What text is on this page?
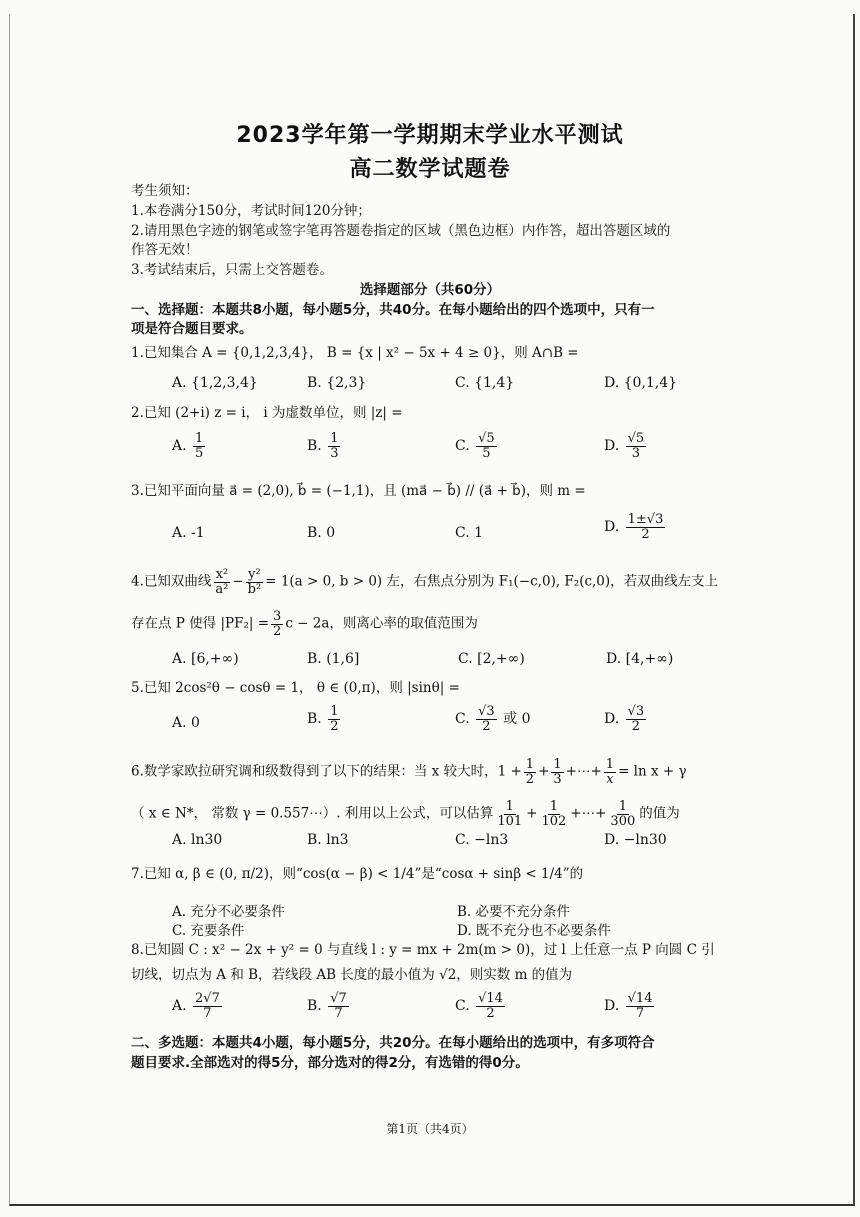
2023学年第一学期期末学业水平测试
高二数学试题卷
考生须知：
1.本卷满分150分，考试时间120分钟；
2.请用黑色字迹的钢笔或签字笔再答题卷指定的区域（黑色边框）内作答，超出答题区域的
作答无效！
3.考试结束后，只需上交答题卷。
选择题部分（共60分）
一、选择题：本题共8小题，每小题5分，共40分。在每小题给出的四个选项中，只有一
项是符合题目要求。
1.已知集合 A = {0,1,2,3,4}， B = {x | x² − 5x + 4 ≥ 0}，则 A∩B =
A. {1,2,3,4}	B. {2,3}	C. {1,4}	D. {0,1,4}
2.已知 (2+i) z = i， i 为虚数单位，则 |z| =
A. $\frac{1}{5}$	B. $\frac{1}{3}$	C. $\frac{√5}{5}$	D. $\frac{√5}{3}$
3.已知平面向量 a⃗ = (2,0), b⃗ = (−1,1)，且 (ma⃗ − b⃗) // (a⃗ + b⃗)，则 m =
A. -1	B. 0	C. 1	D. $\frac{1\pm√3}{2}$
4.已知双曲线 $\frac{\text{x²}}{\text{a²}} - \frac{\text{y²}}{\text{b²}} = 1(a > 0$, b > 0) 左，右焦点分别为 F₁(−c,0), F₂(c,0)，若双曲线左支上
存在点 P 使得 $|PF_2| = \frac{3}{2}$ c − 2a，则离心率的取值范围为
A. [6,+∞)	B. (1,6]	C. [2,+∞)	D. [4,+∞)
5.已知 2cos²θ − cosθ = 1， θ ∈ (0,π)，则 |sinθ| =
A. 0	B. $\frac{1}{2}$	C. $\frac{√3}{2}$ 或 0	D. $\frac{√3}{2}$
6.数学家欧拉研究调和级数得到了以下的结果：当 x 较大时，$1 + \frac{1}{2} + \frac{1}{3}$ +⋯+ $\frac{1}{x} = \ln x + \gamma$
（ x ∈ N*， 常数 γ = 0.557⋯）. 利用以上公式，可以估算 $\frac{1}{101} + \frac{1}{102}$ +⋯+ $\frac{1}{300}$ 的值为
A. ln30	B. ln3	C. −ln3	D. −ln30
7.已知 α, β ∈ (0, π/2)，则“cos(α − β) < 1/4”是“cosα + sinβ < 1/4”的
A. 充分不必要条件	B. 必要不充分条件
C. 充要条件	D. 既不充分也不必要条件
8.已知圆 C : x² − 2x + y² = 0 与直线 l : y = mx + 2m(m > 0)，过 l 上任意一点 P 向圆 C 引
切线，切点为 A 和 B，若线段 AB 长度的最小值为 √2，则实数 m 的值为
A. $\frac{2√7}{7}$	B. $\frac{√7}{7}$	C. $\frac{√14}{2}$	D. $\frac{√14}{7}$
二、多选题：本题共4小题，每小题5分，共20分。在每小题给出的选项中，有多项符合
题目要求.全部选对的得5分，部分选对的得2分，有选错的得0分。
第1页（共4页）
